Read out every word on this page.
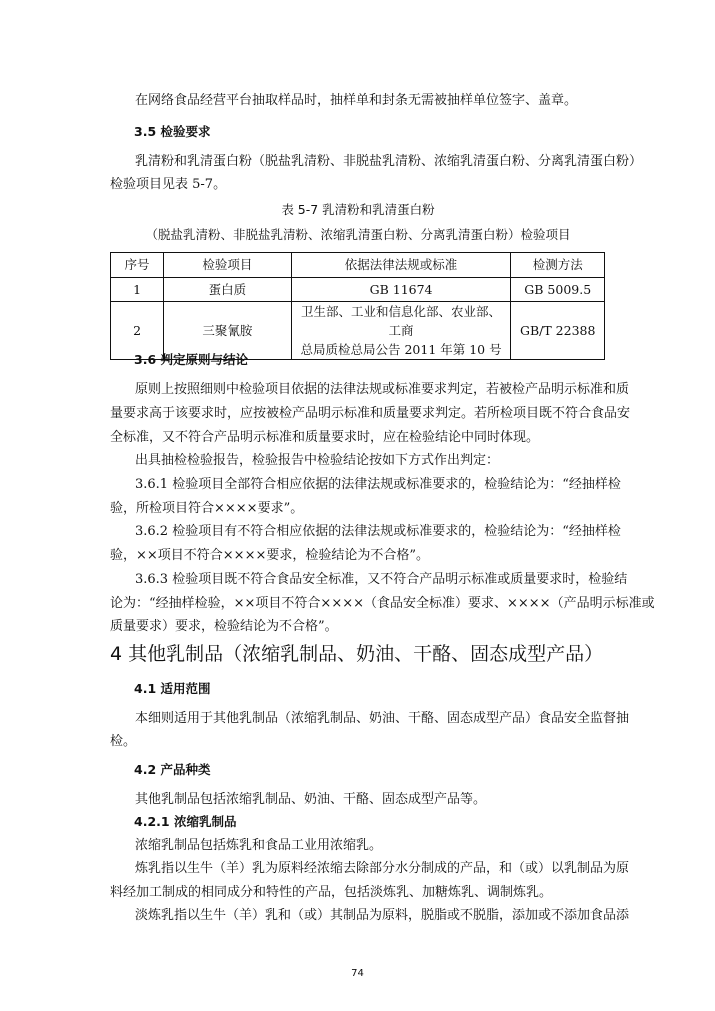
在网络食品经营平台抽取样品时，抽样单和封条无需被抽样单位签字、盖章。
3.5 检验要求
乳清粉和乳清蛋白粉（脱盐乳清粉、非脱盐乳清粉、浓缩乳清蛋白粉、分离乳清蛋白粉）
检验项目见表 5-7。
表 5-7 乳清粉和乳清蛋白粉
（脱盐乳清粉、非脱盐乳清粉、浓缩乳清蛋白粉、分离乳清蛋白粉）检验项目
序号	检验项目	依据法律法规或标准	检测方法
1	蛋白质	GB 11674	GB 5009.5
2	三聚氰胺	卫生部、工业和信息化部、农业部、工商
总局质检总局公告 2011 年第 10 号	GB/T 22388
3.6 判定原则与结论
原则上按照细则中检验项目依据的法律法规或标准要求判定，若被检产品明示标准和质
量要求高于该要求时，应按被检产品明示标准和质量要求判定。若所检项目既不符合食品安
全标准，又不符合产品明示标准和质量要求时，应在检验结论中同时体现。
出具抽检检验报告，检验报告中检验结论按如下方式作出判定：
3.6.1 检验项目全部符合相应依据的法律法规或标准要求的，检验结论为：“经抽样检
验，所检项目符合××××要求”。
3.6.2 检验项目有不符合相应依据的法律法规或标准要求的，检验结论为：“经抽样检
验，××项目不符合××××要求，检验结论为不合格”。
3.6.3 检验项目既不符合食品安全标准，又不符合产品明示标准或质量要求时，检验结
论为：“经抽样检验，××项目不符合××××（食品安全标准）要求、××××（产品明示标准或
质量要求）要求，检验结论为不合格”。
4 其他乳制品（浓缩乳制品、奶油、干酪、固态成型产品）
4.1 适用范围
本细则适用于其他乳制品（浓缩乳制品、奶油、干酪、固态成型产品）食品安全监督抽
检。
4.2 产品种类
其他乳制品包括浓缩乳制品、奶油、干酪、固态成型产品等。
4.2.1 浓缩乳制品
浓缩乳制品包括炼乳和食品工业用浓缩乳。
炼乳指以生牛（羊）乳为原料经浓缩去除部分水分制成的产品，和（或）以乳制品为原
料经加工制成的相同成分和特性的产品，包括淡炼乳、加糖炼乳、调制炼乳。
淡炼乳指以生牛（羊）乳和（或）其制品为原料，脱脂或不脱脂，添加或不添加食品添
74
